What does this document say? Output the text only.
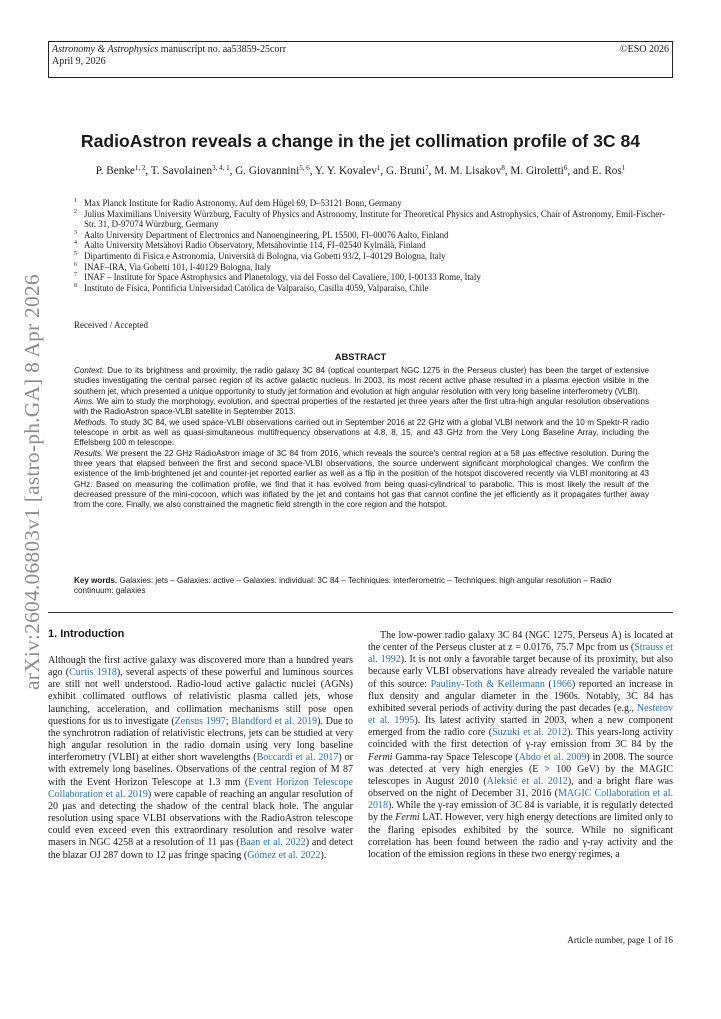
arXiv:2604.06803v1 [astro-ph.GA] 8 Apr 2026
Astronomy & Astrophysics manuscript no. aa53859-25corr	©ESO 2026
April 9, 2026
RadioAstron reveals a change in the jet collimation profile of 3C 84
P. Benke$^{1, 2}$, T. Savolainen$^{3, 4, 1}$, G. Giovannini$^{5, 6}$, Y. Y. Kovalev$^1$, G. Bruni$^7$, M. M. Lisakov$^8$, M. Giroletti$^6$, and E. Ros$^1$
1 Max Planck Institute for Radio Astronomy, Auf dem Hügel 69, D–53121 Bonn, Germany
2 Julius Maximilians University Würzburg, Faculty of Physics and Astronomy, Institute for Theoretical Physics and Astrophysics, Chair of Astronomy, Emil-Fischer-Str. 31, D-97074 Würzburg, Germany
3 Aalto University Department of Electronics and Nanoengineering, PL 15500, FI–00076 Aalto, Finland
4 Aalto University Metsähovi Radio Observatory, Metsähovintie 114, FI–02540 Kylmälä, Finland
5 Dipartimento di Fisica e Astronomia, Università di Bologna, via Gobetti 93/2, I–40129 Bologna, Italy
6 INAF–IRA, Via Gobetti 101, I-40129 Bologna, Italy
7 INAF – Institute for Space Astrophysics and Planetology, via del Fosso del Cavaliere, 100, I-00133 Rome, Italy
8 Instituto de Física, Pontificia Universidad Católica de Valparaíso, Casilla 4059, Valparaíso, Chile
Received / Accepted
ABSTRACT

Context. Due to its brightness and proximity, the radio galaxy 3C 84 (optical counterpart NGC 1275 in the Perseus cluster) has been the target of extensive studies investigating the central parsec region of its active galactic nucleus. In 2003, its most recent active phase resulted in a plasma ejection visible in the southern jet, which presented a unique opportunity to study jet formation and evolution at high angular resolution with very long baseline interferometry (VLBI).

Aims. We aim to study the morphology, evolution, and spectral properties of the restarted jet three years after the first ultra-high angular resolution observations with the RadioAstron space-VLBI satellite in September 2013.

Methods. To study 3C 84, we used space-VLBI observations carried out in September 2016 at 22 GHz with a global VLBI network and the 10 m Spektr-R radio telescope in orbit as well as quasi-simultaneous multifrequency observations at 4.8, 8, 15, and 43 GHz from the Very Long Baseline Array, including the Effelsberg 100 m telescope.

Results. We present the 22 GHz RadioAstron image of 3C 84 from 2016, which reveals the source's central region at a 58 μas effective resolution. During the three years that elapsed between the first and second space-VLBI observations, the source underwent significant morphological changes. We confirm the existence of the limb-brightened jet and counter-jet reported earlier as well as a flip in the position of the hotspot discovered recently via VLBI monitoring at 43 GHz. Based on measuring the collimation profile, we find that it has evolved from being quasi-cylindrical to parabolic. This is most likely the result of the decreased pressure of the mini-cocoon, which was inflated by the jet and contains hot gas that cannot confine the jet efficiently as it propagates further away from the core. Finally, we also constrained the magnetic field strength in the core region and the hotspot.

Key words. Galaxies: jets – Galaxies: active – Galaxies: individual: 3C 84 – Techniques: interferometric – Techniques: high angular resolution – Radio continuum: galaxies
1. Introduction
Although the first active galaxy was discovered more than a hundred years ago (Curtis 1918), several aspects of these powerful and luminous sources are still not well understood. Radio-loud active galactic nuclei (AGNs) exhibit collimated outflows of relativistic plasma called jets, whose launching, acceleration, and collimation mechanisms still pose open questions for us to investigate (Zensus 1997; Blandford et al. 2019). Due to the synchrotron radiation of relativistic electrons, jets can be studied at very high angular resolution in the radio domain using very long baseline interferometry (VLBI) at either short wavelengths (Boccardi et al. 2017) or with extremely long baselines. Observations of the central region of M 87 with the Event Horizon Telescope at 1.3 mm (Event Horizon Telescope Collaboration et al. 2019) were capable of reaching an angular resolution of 20 μas and detecting the shadow of the central black hole. The angular resolution using space VLBI observations with the RadioAstron telescope could even exceed even this extraordinary resolution and resolve water masers in NGC 4258 at a resolution of 11 μas (Baan et al. 2022) and detect the blazar OJ 287 down to 12 μas fringe spacing (Gómez et al. 2022).
The low-power radio galaxy 3C 84 (NGC 1275, Perseus A) is located at the center of the Perseus cluster at z = 0.0176, 75.7 Mpc from us (Strauss et al. 1992). It is not only a favorable target because of its proximity, but also because early VLBI observations have already revealed the variable nature of this source: Pauliny-Toth & Kellermann (1966) reported an increase in flux density and angular diameter in the 1960s. Notably, 3C 84 has exhibited several periods of activity during the past decades (e.g., Nesterov et al. 1995). Its latest activity started in 2003, when a new component emerged from the radio core (Suzuki et al. 2012). This years-long activity coincided with the first detection of γ-ray emission from 3C 84 by the Fermi Gamma-ray Space Telescope (Abdo et al. 2009) in 2008. The source was detected at very high energies (E > 100 GeV) by the MAGIC telescopes in August 2010 (Aleksić et al. 2012), and a bright flare was observed on the night of December 31, 2016 (MAGIC Collaboration et al. 2018). While the γ-ray emission of 3C 84 is variable, it is regularly detected by the Fermi LAT. However, very high energy detections are limited only to the flaring episodes exhibited by the source. While no significant correlation has been found between the radio and γ-ray activity and the location of the emission regions in these two energy regimes, a
Article number, page 1 of 16
